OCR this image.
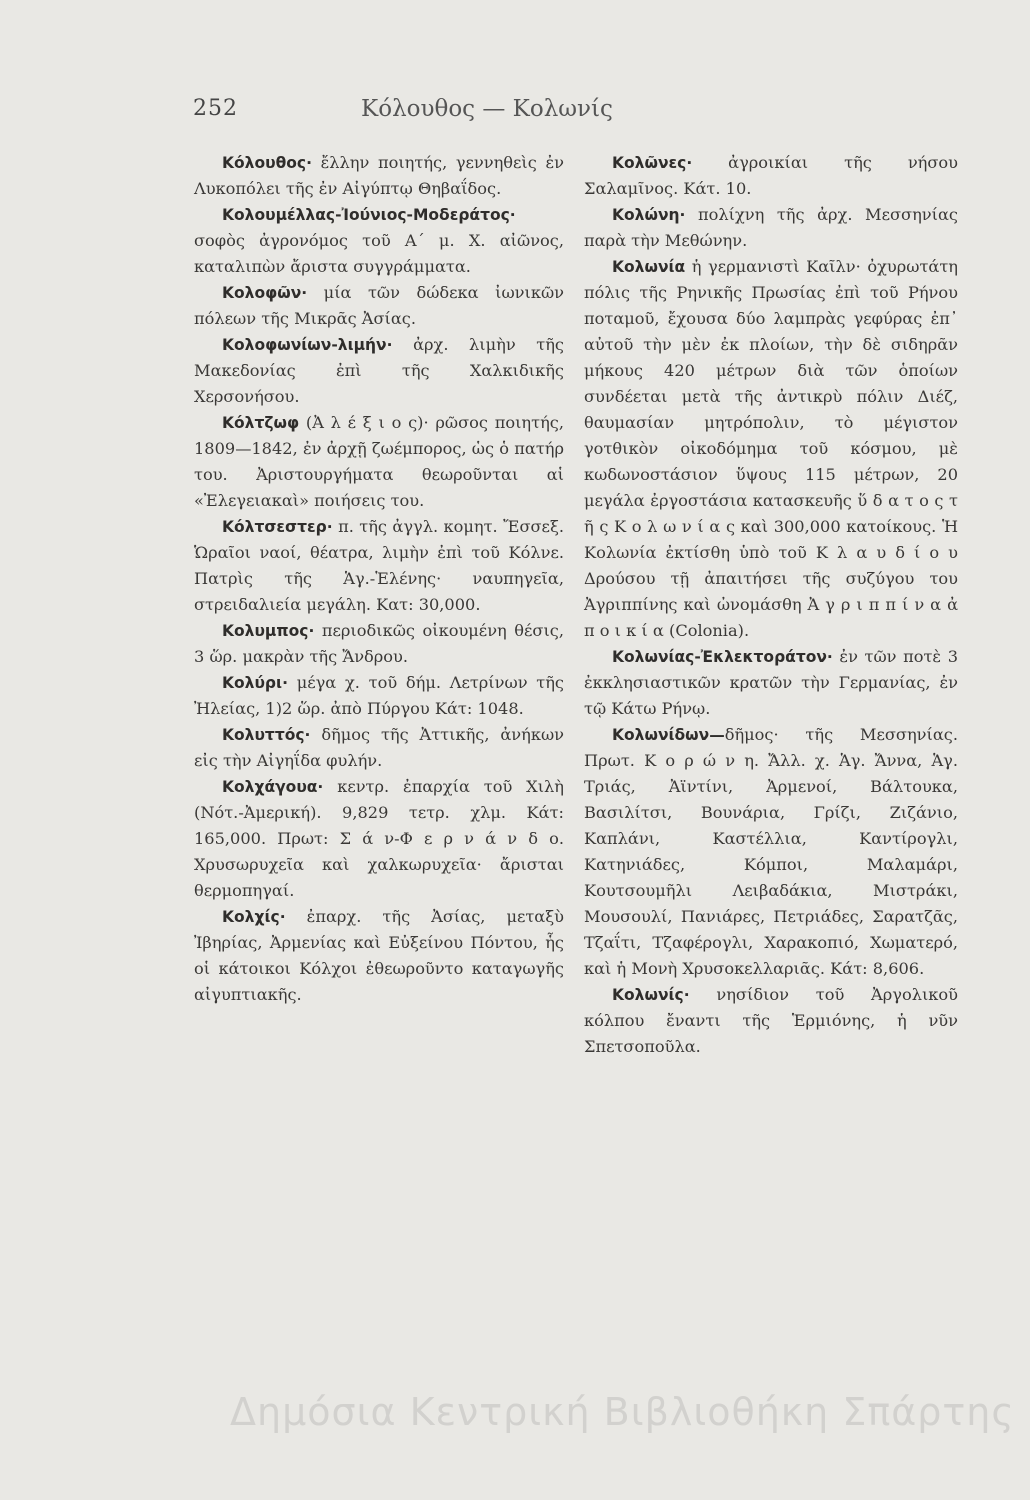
252	Κόλουθος — Κολωνίς

Κόλουθος· ἔλλην ποιητής, γεννηθεὶς ἐν Λυκοπόλει τῆς ἐν Αἰγύπτῳ Θηβαΐδος.

Κολουμέλλας-Ἰούνιος-Μοδεράτος· σοφὸς ἀγρονόμος τοῦ Α΄ μ. Χ. αἰῶνος, καταλιπὼν ἄριστα συγγράμματα.

Κολοφῶν· μία τῶν δώδεκα ἰωνικῶν πόλεων τῆς Μικρᾶς Ἀσίας.

Κολοφωνίων-λιμήν· ἀρχ. λιμὴν τῆς Μακεδονίας ἐπὶ τῆς Χαλκιδικῆς Χερσονήσου.

Κόλτζωφ (Ἀ λ έ ξ ι ο ς)· ρῶσος ποιητής, 1809—1842, ἐν ἀρχῇ ζωέμπορος, ὡς ὁ πατήρ του. Ἀριστουργήματα θεωροῦνται αἱ «Ἐλεγειακαὶ» ποιήσεις του.

Κόλτσεστερ· π. τῆς ἀγγλ. κομητ. Ἔσσεξ. Ὡραῖοι ναοί, θέατρα, λιμὴν ἐπὶ τοῦ Κόλνε. Πατρὶς τῆς Ἁγ.-Ἑλένης· ναυπηγεῖα, στρειδαλιεία μεγάλη. Κατ: 30,000.

Κολυμπος· περιοδικῶς οἰκουμένη θέσις, 3 ὥρ. μακρὰν τῆς Ἄνδρου.

Κολύρι· μέγα χ. τοῦ δήμ. Λετρίνων τῆς Ἠλείας, 1)2 ὥρ. ἀπὸ Πύργου Κάτ: 1048.

Κολυττός· δῆμος τῆς Ἀττικῆς, ἀνήκων εἰς τὴν Αἰγηΐδα φυλήν.

Κολχάγουα· κεντρ. ἐπαρχία τοῦ Χιλὴ (Νότ.-Ἀμερική). 9,829 τετρ. χλμ. Κάτ: 165,000. Πρωτ: Σ ά ν-Φ ε ρ ν ά ν δ ο. Χρυσωρυχεῖα καὶ χαλκωρυχεῖα· ἄρισται θερμοπηγαί.

Κολχίς· ἐπαρχ. τῆς Ἀσίας, μεταξὺ Ἰβηρίας, Ἀρμενίας καὶ Εὐξείνου Πόντου, ἧς οἱ κάτοικοι Κόλχοι ἐθεωροῦντο καταγωγῆς αἰγυπτιακῆς.

Κολῶνες· ἀγροικίαι τῆς νήσου Σαλαμῖνος. Κάτ. 10.

Κολώνη· πολίχνη τῆς ἀρχ. Μεσσηνίας παρὰ τὴν Μεθώνην.

Κολωνία ἡ γερμανιστὶ Καῖλν· ὀχυρωτάτη πόλις τῆς Ρηνικῆς Πρωσίας ἐπὶ τοῦ Ρήνου ποταμοῦ, ἔχουσα δύο λαμπρὰς γεφύρας ἐπ᾽ αὐτοῦ τὴν μὲν ἐκ πλοίων, τὴν δὲ σιδηρᾶν μήκους 420 μέτρων διὰ τῶν ὁποίων συνδέεται μετὰ τῆς ἀντικρὺ πόλιν Διέζ, θαυμασίαν μητρόπολιν, τὸ μέγιστον γοτθικὸν οἰκοδόμημα τοῦ κόσμου, μὲ κωδωνοστάσιον ὕψους 115 μέτρων, 20 μεγάλα ἐργοστάσια κατασκευῆς ὕ δ α τ ο ς τ ῆ ς Κ ο λ ω ν ί α ς καὶ 300,000 κατοίκους. Ἡ Κολωνία ἐκτίσθη ὑπὸ τοῦ Κ λ α υ δ ί ο υ Δρούσου τῇ ἀπαιτήσει τῆς συζύγου του Ἀγριππίνης καὶ ὠνομάσθη Ἀ γ ρ ι π π ί ν α ἀ π ο ι κ ί α (Colonia).

Κολωνίας-Ἐκλεκτοράτον· ἐν τῶν ποτὲ 3 ἐκκλησιαστικῶν κρατῶν τὴν Γερμανίας, ἐν τῷ Κάτω Ρήνῳ.

Κολωνίδων—δῆμος· τῆς Μεσσηνίας. Πρωτ. Κ ο ρ ώ ν η. Ἄλλ. χ. Ἁγ. Ἄννα, Ἁγ. Τριάς, Ἀϊντίνι, Ἀρμενοί, Βάλτουκα, Βασιλίτσι, Βουνάρια, Γρίζι, Ζιζάνιο, Καπλάνι, Καστέλλια, Καντίρογλι, Κατηνιάδες, Κόμποι, Μαλαμάρι, Κουτσουμῆλι Λειβαδάκια, Μιστράκι, Μουσουλί, Πανιάρες, Πετριάδες, Σαρατζᾶς, Τζαΐτι, Τζαφέρογλι, Χαρακοπιό, Χωματερό, καὶ ἡ Μονὴ Χρυσοκελλαριᾶς. Κάτ: 8,606.

Κολωνίς· νησίδιον τοῦ Ἀργολικοῦ κόλπου ἔναντι τῆς Ἑρμιόνης, ἡ νῦν Σπετσοποῦλα.

Δημόσια Κεντρική Βιβλιοθήκη Σπάρτης
